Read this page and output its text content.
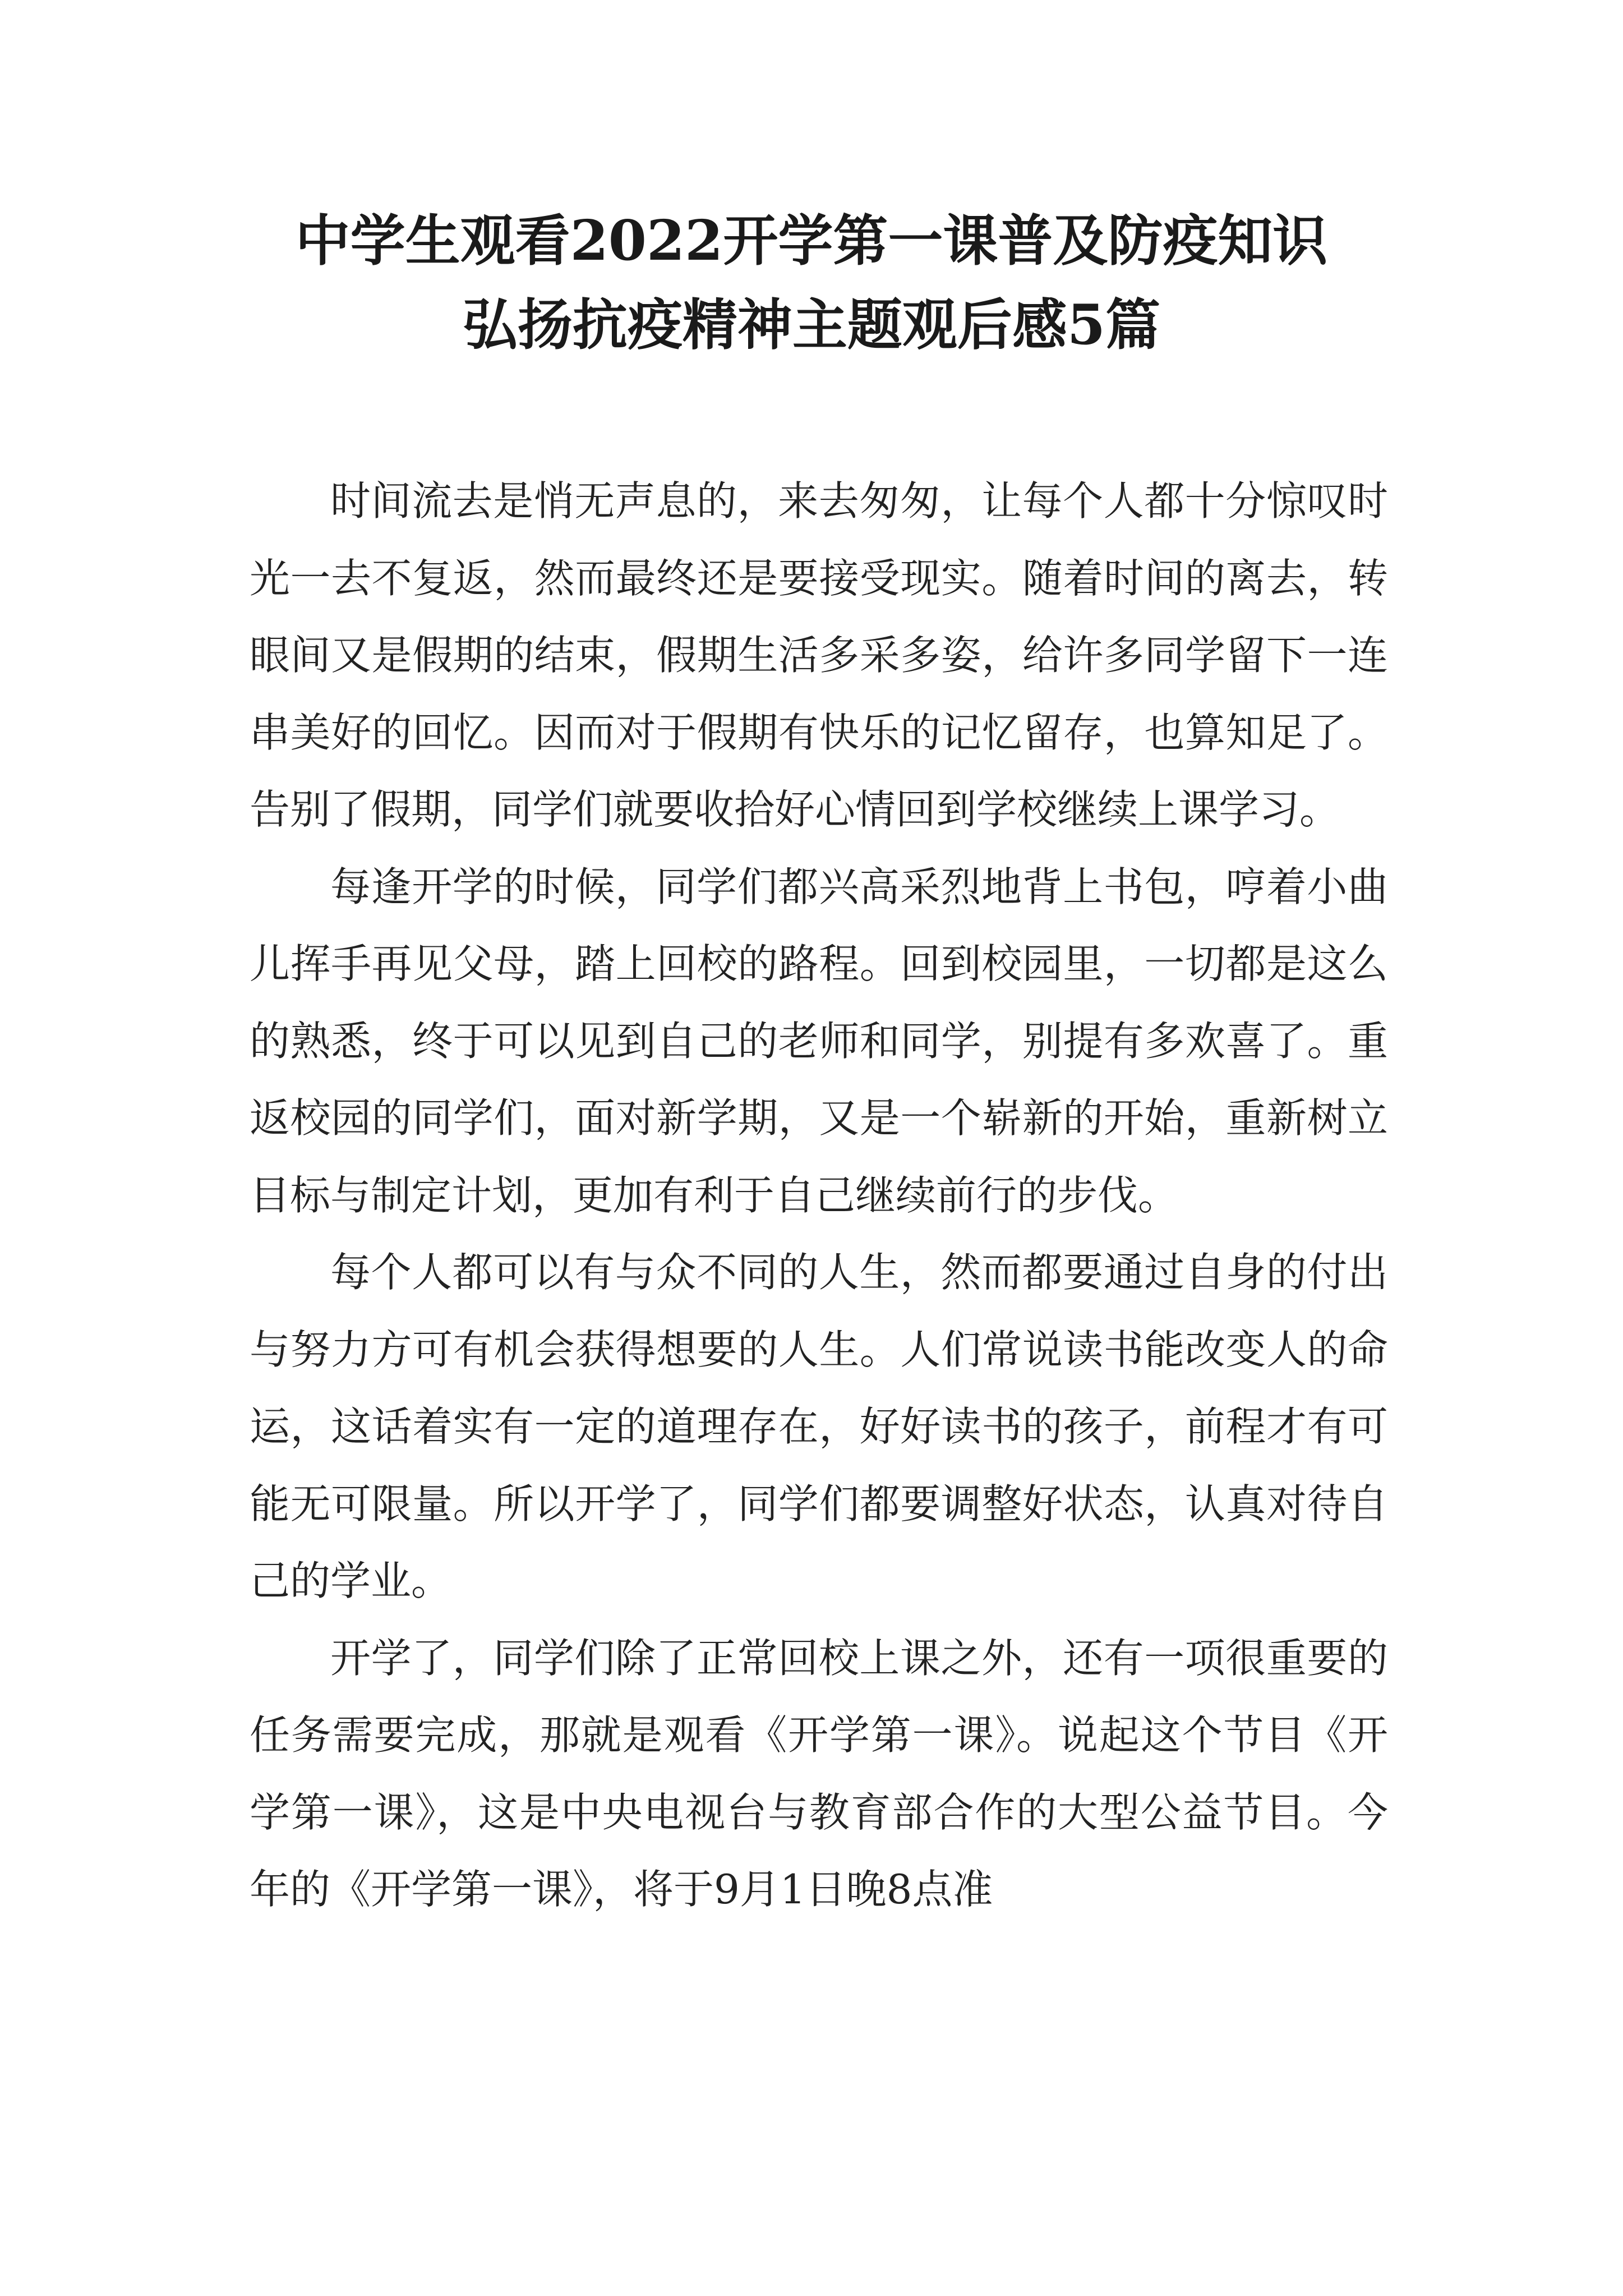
中学生观看2022开学第一课普及防疫知识
弘扬抗疫精神主题观后感5篇

时间流去是悄无声息的，来去匆匆，让每个人都十分惊叹时光一去不复返，然而最终还是要接受现实。随着时间的离去，转眼间又是假期的结束，假期生活多采多姿，给许多同学留下一连串美好的回忆。因而对于假期有快乐的记忆留存，也算知足了。告别了假期，同学们就要收拾好心情回到学校继续上课学习。

每逢开学的时候，同学们都兴高采烈地背上书包，哼着小曲儿挥手再见父母，踏上回校的路程。回到校园里，一切都是这么的熟悉，终于可以见到自己的老师和同学，别提有多欢喜了。重返校园的同学们，面对新学期，又是一个崭新的开始，重新树立目标与制定计划，更加有利于自己继续前行的步伐。

每个人都可以有与众不同的人生，然而都要通过自身的付出与努力方可有机会获得想要的人生。人们常说读书能改变人的命运，这话着实有一定的道理存在，好好读书的孩子，前程才有可能无可限量。所以开学了，同学们都要调整好状态，认真对待自己的学业。

开学了，同学们除了正常回校上课之外，还有一项很重要的任务需要完成，那就是观看《开学第一课》。说起这个节目《开学第一课》，这是中央电视台与教育部合作的大型公益节目。今年的《开学第一课》，将于9月1日晚8点准
